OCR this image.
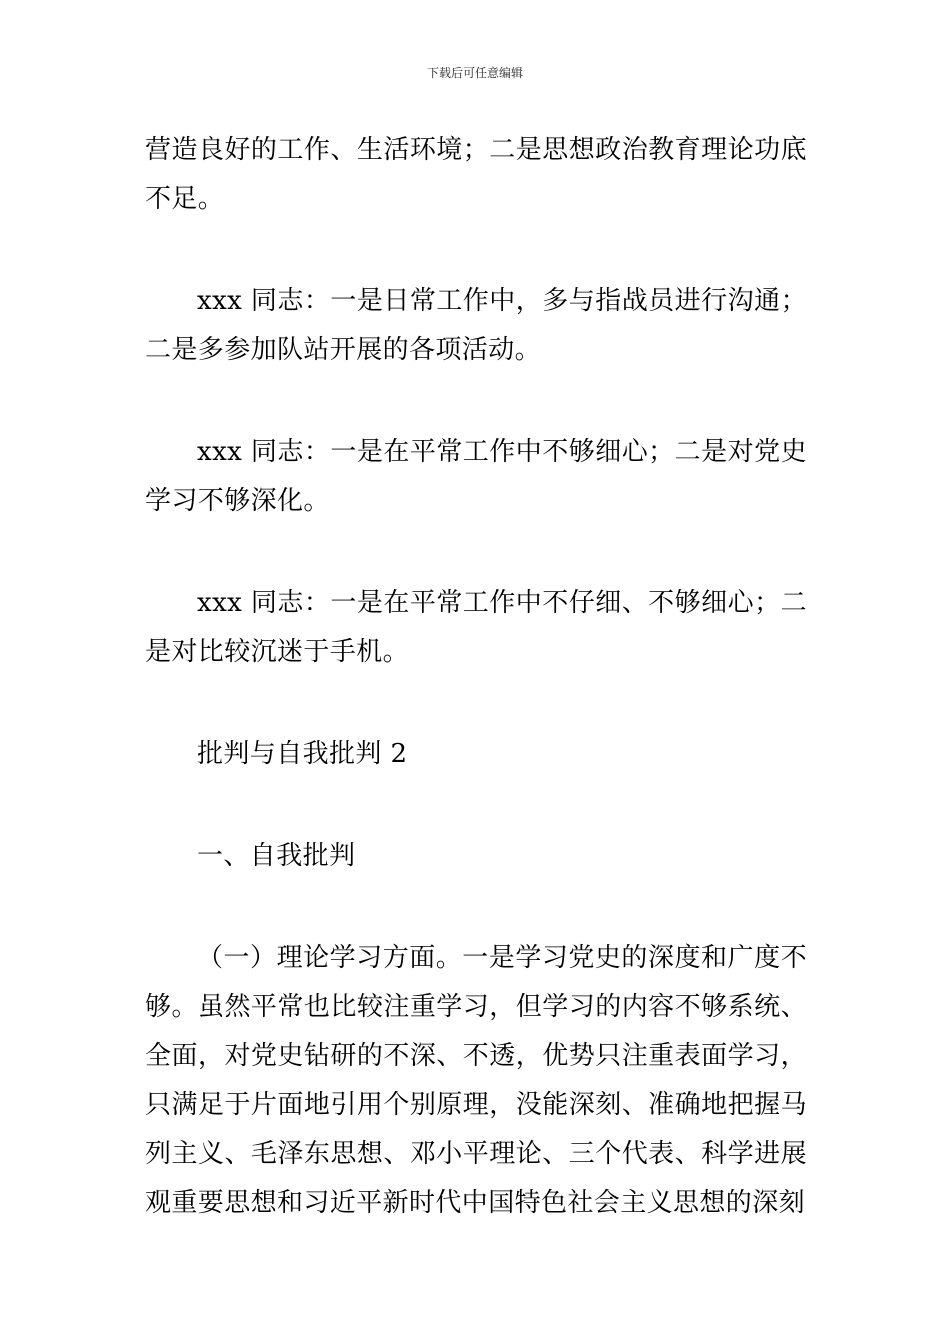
下载后可任意编辑

营造良好的工作、生活环境；二是思想政治教育理论功底不足。

xxx 同志：一是日常工作中，多与指战员进行沟通；二是多参加队站开展的各项活动。

xxx 同志：一是在平常工作中不够细心；二是对党史学习不够深化。

xxx 同志：一是在平常工作中不仔细、不够细心；二是对比较沉迷于手机。

批判与自我批判 2

一、自我批判

（一）理论学习方面。一是学习党史的深度和广度不够。虽然平常也比较注重学习，但学习的内容不够系统、全面，对党史钻研的不深、不透，优势只注重表面学习，只满足于片面地引用个别原理，没能深刻、准确地把握马列主义、毛泽东思想、邓小平理论、三个代表、科学进展观重要思想和习近平新时代中国特色社会主义思想的深刻
